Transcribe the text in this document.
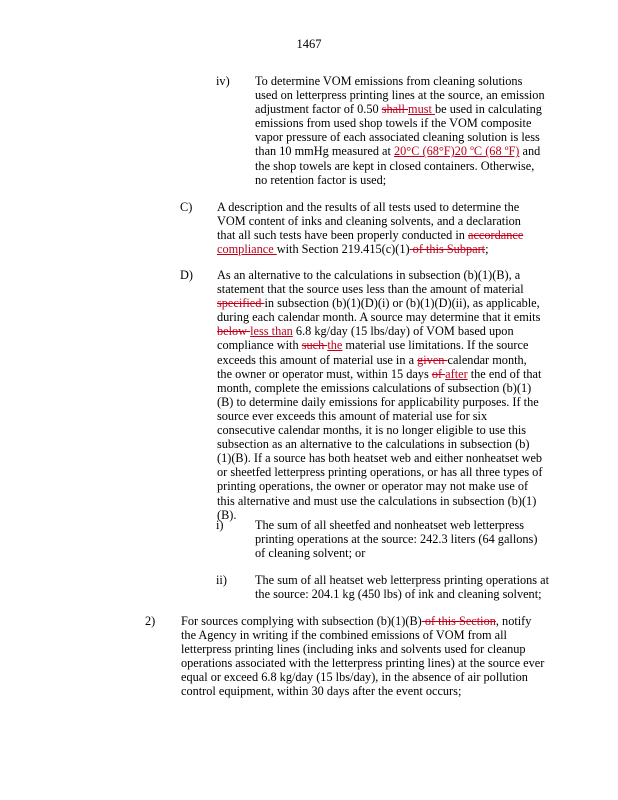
1467
iv) To determine VOM emissions from cleaning solutions used on letterpress printing lines at the source, an emission adjustment factor of 0.50 shall must be used in calculating emissions from used shop towels if the VOM composite vapor pressure of each associated cleaning solution is less than 10 mmHg measured at 20°C (68°F)20 ºC (68 ºF) and the shop towels are kept in closed containers. Otherwise, no retention factor is used;
C) A description and the results of all tests used to determine the VOM content of inks and cleaning solvents, and a declaration that all such tests have been properly conducted in accordance compliance with Section 219.415(c)(1) of this Subpart;
D) As an alternative to the calculations in subsection (b)(1)(B), a statement that the source uses less than the amount of material specified in subsection (b)(1)(D)(i) or (b)(1)(D)(ii), as applicable, during each calendar month. A source may determine that it emits below less than 6.8 kg/day (15 lbs/day) of VOM based upon compliance with such the material use limitations. If the source exceeds this amount of material use in a given calendar month, the owner or operator must, within 15 days of after the end of that month, complete the emissions calculations of subsection (b)(1)(B) to determine daily emissions for applicability purposes. If the source ever exceeds this amount of material use for six consecutive calendar months, it is no longer eligible to use this subsection as an alternative to the calculations in subsection (b)(1)(B). If a source has both heatset web and either nonheatset web or sheetfed letterpress printing operations, or has all three types of printing operations, the owner or operator may not make use of this alternative and must use the calculations in subsection (b)(1)(B).
i)	The sum of all sheetfed and nonheatset web letterpress printing operations at the source: 242.3 liters (64 gallons) of cleaning solvent; or
ii) The sum of all heatset web letterpress printing operations at the source: 204.1 kg (450 lbs) of ink and cleaning solvent;
2) For sources complying with subsection (b)(1)(B) of this Section, notify the Agency in writing if the combined emissions of VOM from all letterpress printing lines (including inks and solvents used for cleanup operations associated with the letterpress printing lines) at the source ever equal or exceed 6.8 kg/day (15 lbs/day), in the absence of air pollution control equipment, within 30 days after the event occurs;
